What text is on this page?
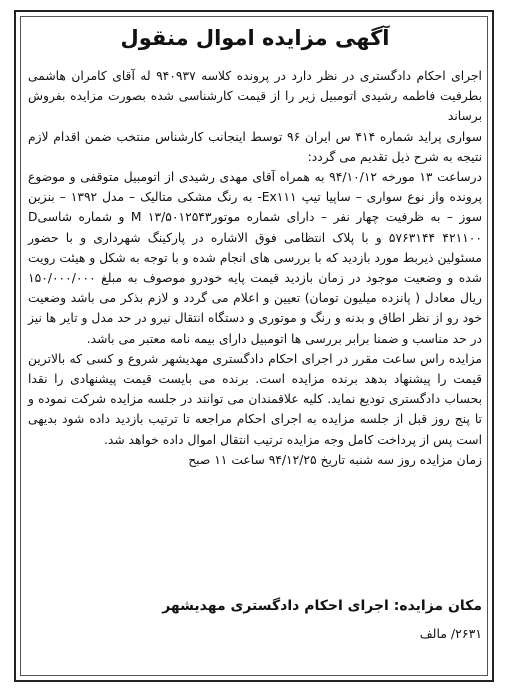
آگهی مزایده اموال منقول

اجرای احکام دادگستری در نظر دارد در پرونده کلاسه ۹۴۰۹۳۷ له آقای کامران هاشمی بطرفیت فاطمه رشیدی اتومبیل زیر را از قیمت کارشناسی شده بصورت مزایده بفروش برساند

سواری پراید شماره ۴۱۴ س ایران ۹۶ توسط اینجانب کارشناس منتخب ضمن اقدام لازم نتیجه به شرح ذیل تقدیم می گردد:

درساعت ۱۳ مورخه ۹۴/۱۰/۱۲ به همراه آقای مهدی رشیدی از اتومبیل متوقفی و موضوع پرونده واز نوع سواری – ساپیا تیپ Ex۱۱۱- به رنگ مشکی متالیک – مدل ۱۳۹۲ – بنزین سوز – به ظرفیت چهار نفر – دارای شماره موتورM ۱۳/۵۰۱۲۵۴۳ و شماره شاسیD ۵۷۶۳۱۴۴ ۴۲۱۱۰۰ و با پلاک انتظامی فوق الاشاره در پارکینگ شهرداری و با حضور مسئولین ذیربط مورد بازدید که با بررسی های انجام شده و با توجه به شکل و هیئت رویت شده و وضعیت موجود در زمان بازدید قیمت پایه خودرو موصوف به مبلغ ۱۵۰/۰۰۰/۰۰۰ ریال معادل ( پانزده میلیون تومان) تعیین و اعلام می گردد و لازم بذکر می باشد وضعیت خود رو از نظر اطاق و بدنه و رنگ و موتوری و دستگاه انتقال نیرو در حد مدل و تایر ها نیز در حد مناسب و ضمنا برابر بررسی ها اتومبیل دارای بیمه نامه معتبر می باشد.

مزایده راس ساعت مقرر در اجرای احکام دادگستری مهدیشهر شروع و کسی که بالاترین قیمت را پیشنهاد بدهد برنده مزایده است. برنده می بایست قیمت پیشنهادی را نقدا بحساب دادگستری تودیع نماید. کلیه علاقمندان می توانند در جلسه مزایده شرکت نموده و تا پنج روز قبل از جلسه مزایده به اجرای احکام مراجعه تا ترتیب بازدید داده شود بدیهی است پس از پرداخت کامل وجه مزایده ترتیب انتقال اموال داده خواهد شد.

زمان مزایده روز سه شنبه تاریخ ۹۴/۱۲/۲۵ ساعت ۱۱ صبح

مکان مزایده: اجرای احکام دادگستری مهدیشهر
۲۶۳۱/ مالف
